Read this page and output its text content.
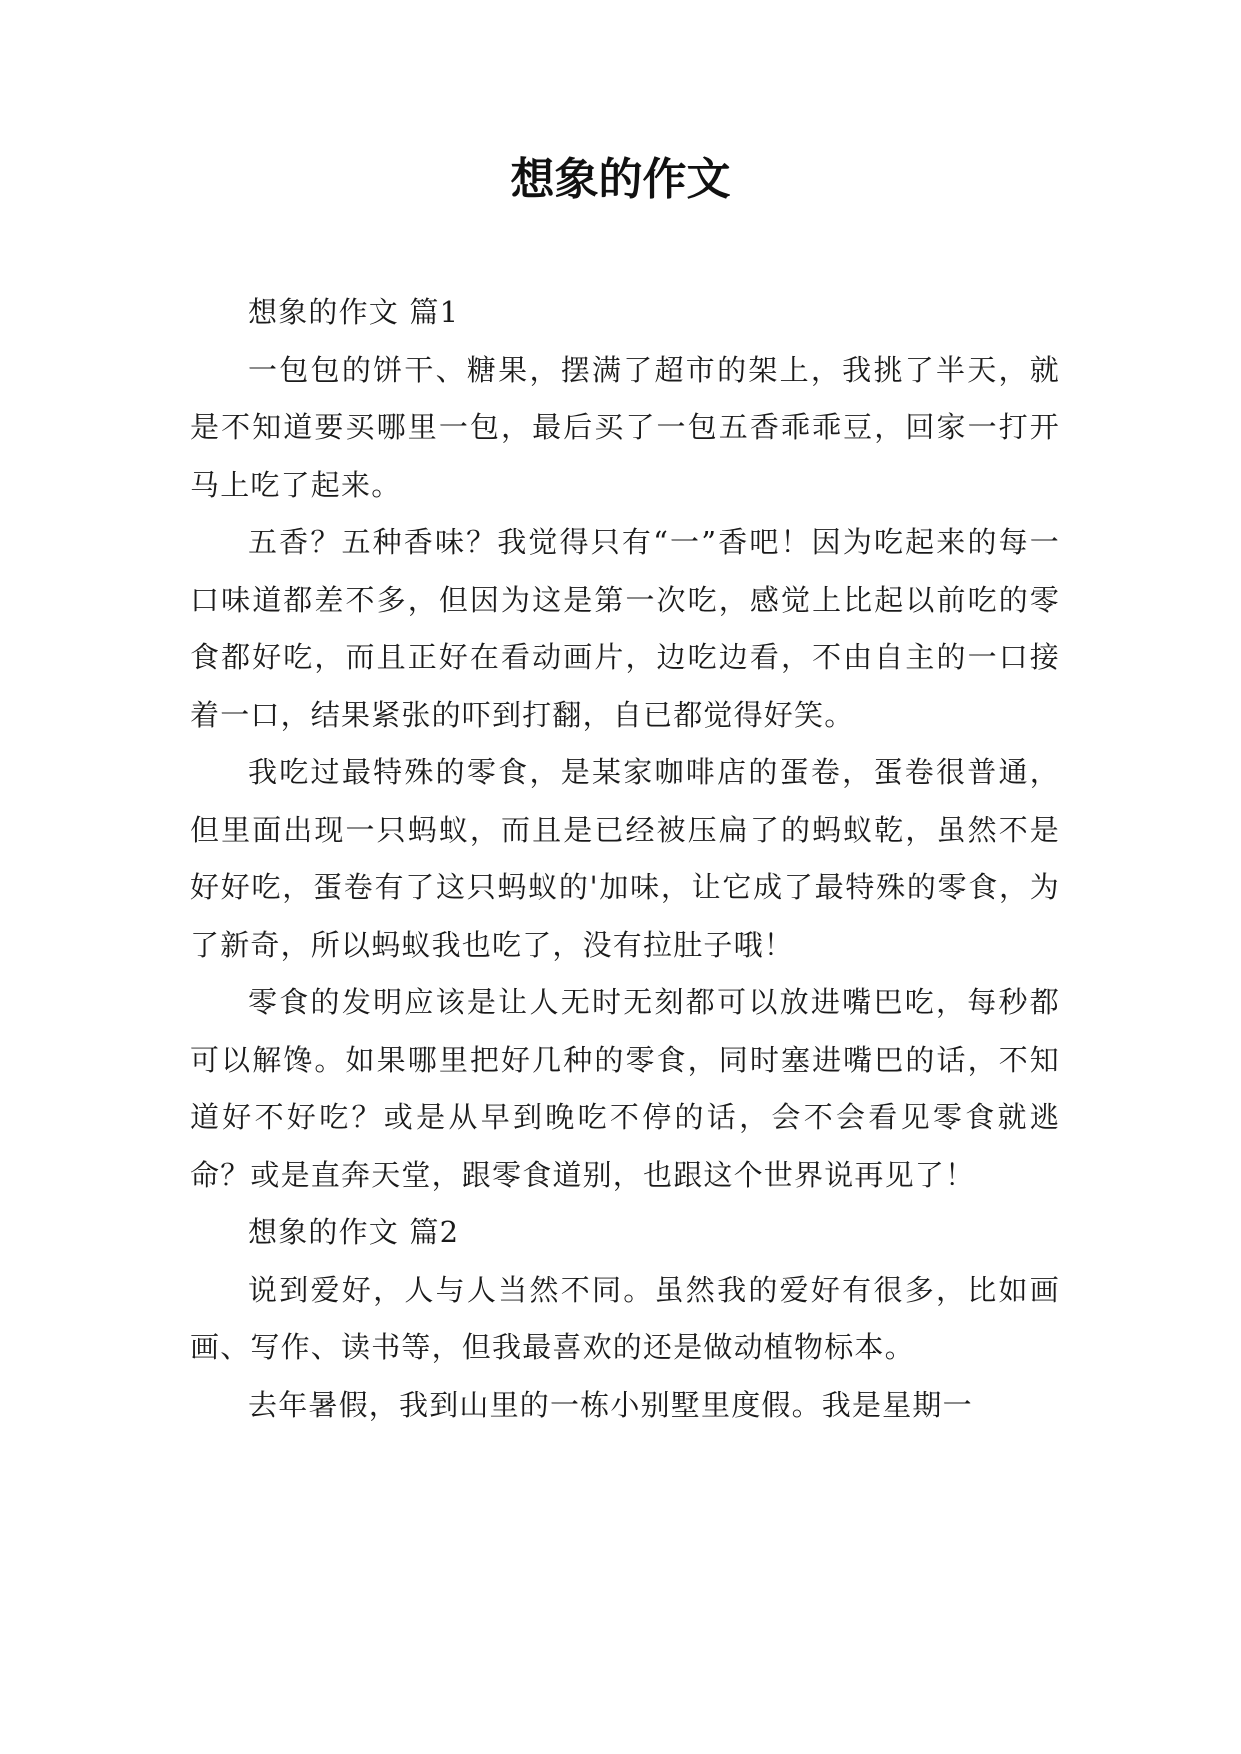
想象的作文

想象的作文 篇1

一包包的饼干、糖果，摆满了超市的架上，我挑了半天，就是不知道要买哪里一包，最后买了一包五香乖乖豆，回家一打开马上吃了起来。

五香？五种香味？我觉得只有“一”香吧！因为吃起来的每一口味道都差不多，但因为这是第一次吃，感觉上比起以前吃的零食都好吃，而且正好在看动画片，边吃边看，不由自主的一口接着一口，结果紧张的吓到打翻，自已都觉得好笑。

我吃过最特殊的零食，是某家咖啡店的蛋卷，蛋卷很普通，但里面出现一只蚂蚁，而且是已经被压扁了的蚂蚁乾，虽然不是好好吃，蛋卷有了这只蚂蚁的'加味，让它成了最特殊的零食，为了新奇，所以蚂蚁我也吃了，没有拉肚子哦！

零食的发明应该是让人无时无刻都可以放进嘴巴吃，每秒都可以解馋。如果哪里把好几种的零食，同时塞进嘴巴的话，不知道好不好吃？或是从早到晚吃不停的话，会不会看见零食就逃命？或是直奔天堂，跟零食道别，也跟这个世界说再见了！

想象的作文 篇2

说到爱好，人与人当然不同。虽然我的爱好有很多，比如画画、写作、读书等，但我最喜欢的还是做动植物标本。

去年暑假，我到山里的一栋小别墅里度假。我是星期一
